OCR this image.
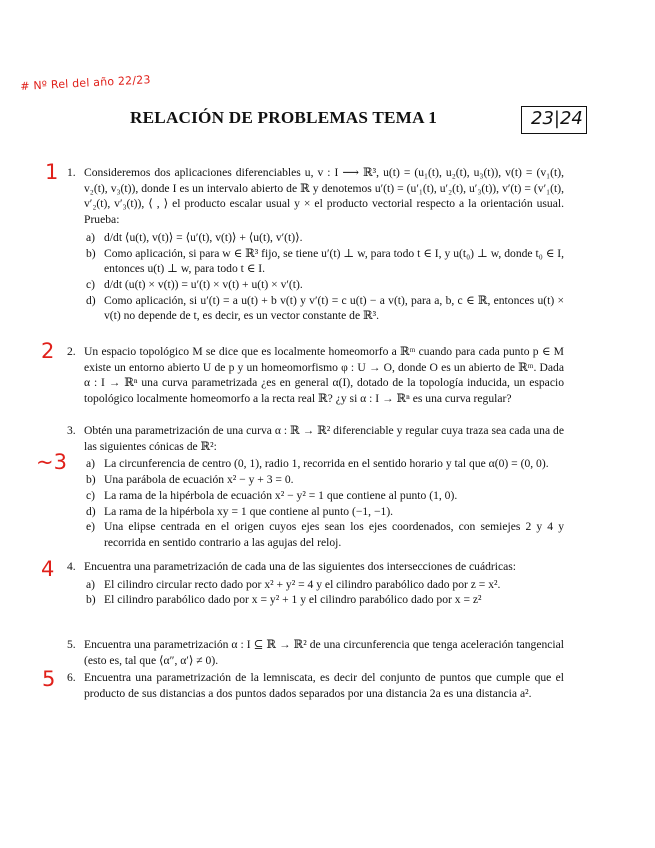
# Nº Rel del año 22/23
1
2
~3
4
5
RELACIÓN DE PROBLEMAS TEMA 1	23|24
1. Consideremos dos aplicaciones diferenciables u, v : I ⟶ ℝ³, u(t) = (u₁(t), u₂(t), u₃(t)), v(t) = (v₁(t), v₂(t), v₃(t)), donde I es un intervalo abierto de ℝ y denotemos u′(t) = (u′₁(t), u′₂(t), u′₃(t)), v′(t) = (v′₁(t), v′₂(t), v′₃(t)), ⟨ , ⟩ el producto escalar usual y × el producto vectorial respecto a la orientación usual. Prueba:
a) d/dt ⟨u(t), v(t)⟩ = ⟨u′(t), v(t)⟩ + ⟨u(t), v′(t)⟩.
b) Como aplicación, si para w ∈ ℝ³ fijo, se tiene u′(t) ⊥ w, para todo t ∈ I, y u(t₀) ⊥ w, donde t₀ ∈ I, entonces u(t) ⊥ w, para todo t ∈ I.
c) d/dt (u(t) × v(t)) = u′(t) × v(t) + u(t) × v′(t).
d) Como aplicación, si u′(t) = a u(t) + b v(t) y v′(t) = c u(t) − a v(t), para a, b, c ∈ ℝ, entonces u(t) × v(t) no depende de t, es decir, es un vector constante de ℝ³.
2. Un espacio topológico M se dice que es localmente homeomorfo a ℝᵐ cuando para cada punto p ∈ M existe un entorno abierto U de p y un homeomorfismo φ : U → O, donde O es un abierto de ℝᵐ. Dada α : I → ℝⁿ una curva parametrizada ¿es en general α(I), dotado de la topología inducida, un espacio topológico localmente homeomorfo a la recta real ℝ? ¿y si α : I → ℝⁿ es una curva regular?
3. Obtén una parametrización de una curva α : ℝ → ℝ² diferenciable y regular cuya traza sea cada una de las siguientes cónicas de ℝ²:
a) La circunferencia de centro (0, 1), radio 1, recorrida en el sentido horario y tal que α(0) = (0, 0).
b) Una parábola de ecuación x² − y + 3 = 0.
c) La rama de la hipérbola de ecuación x² − y² = 1 que contiene al punto (1, 0).
d) La rama de la hipérbola xy = 1 que contiene al punto (−1, −1).
e) Una elipse centrada en el origen cuyos ejes sean los ejes coordenados, con semiejes 2 y 4 y recorrida en sentido contrario a las agujas del reloj.
4. Encuentra una parametrización de cada una de las siguientes dos intersecciones de cuádricas:
a) El cilindro circular recto dado por x² + y² = 4 y el cilindro parabólico dado por z = x².
b) El cilindro parabólico dado por x = y² + 1 y el cilindro parabólico dado por x = z²
5. Encuentra una parametrización α : I ⊆ ℝ → ℝ² de una circunferencia que tenga aceleración tangencial (esto es, tal que ⟨α″, α′⟩ ≠ 0).
6. Encuentra una parametrización de la lemniscata, es decir del conjunto de puntos que cumple que el producto de sus distancias a dos puntos dados separados por una distancia 2a es una distancia a².
